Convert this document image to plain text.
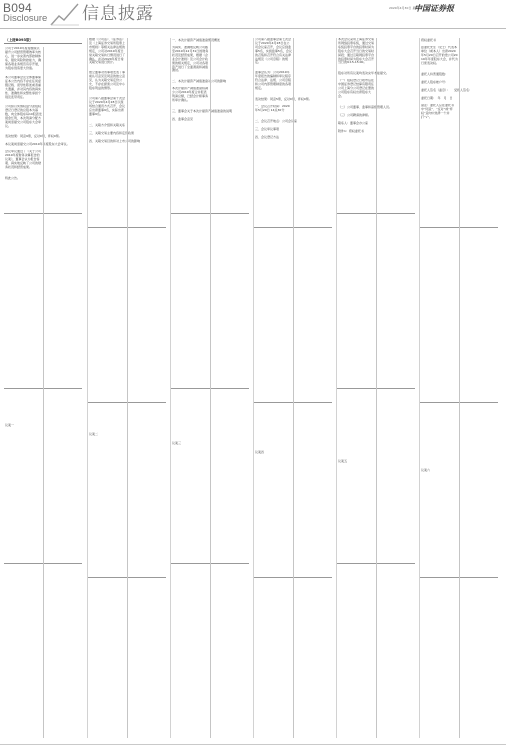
B094
Disclosure 信息披露	2020年4月30日 星期四
中国证券报
（上接B093版）
公司于2019年度将继续以提升公司经营管理效率为核心，进一步完善内部控制体系，强化风险防控能力，确保各项业务规范有序开展，为股东创造更大价值。
本公司董事会及全体董事保证本公告内容不存在任何虚假记载、误导性陈述或者重大遗漏，并对其内容的真实性、准确性和完整性承担个别及连带责任。
公司拟以实施权益分派股权登记日登记的总股本为基数，向全体股东每10股派发现金红利，本次利润分配方案尚需提交公司股东大会审议。
表决结果：同意9票，反对0票，弃权0票。
本议案尚需提交公司2019年年度股东大会审议。
会议审议通过了《关于公司2019年度财务决算报告的议案》，董事会认为报告客观、真实地反映了公司的财务状况和经营成果。
特此公告。
议案一
根据《公司法》、《证券法》及《上海证券交易所股票上市规则》等相关法律法规的规定，公司对2019年度日常关联交易执行情况进行了确认，并对2020年度日常关联交易进行预计。
独立董事对该事项发表了事前认可意见及同意的独立意见，认为关联交易定价公允，不存在损害公司及中小股东利益的情形。
公司第八届董事会第十次会议于2020年4月28日以现场结合通讯方式召开，会议应出席董事9名，实际出席董事9名。
二、关联方介绍和关联关系
三、关联交易主要内容和定价政策
四、关联交易目的和对上市公司的影响
议案二
一、本次计提资产减值准备情况概述
为真实、准确地反映公司截至2019年12月31日的财务状况及经营成果，根据《企业会计准则》及公司会计政策的相关规定，公司对各项资产进行了全面清查和减值测试。
二、本次计提资产减值准备对公司的影响
本次计提资产减值准备将减少公司2019年度合并报表利润总额，已经会计师事务所审计确认。
三、董事会关于本次计提资产减值准备的说明
四、监事会意见
议案三
公司第八届监事会第七次会议于2020年4月28日在公司会议室召开，会议应到监事5名，实到监事5名，会议的召集和召开符合有关法律法规及《公司章程》的规定。
监事会认为：公司2019年年度报告的编制和审议程序符合法律、法规、公司章程和公司内部管理制度的各项规定。
表决结果：同意5票，反对0票，弃权0票。
一、会议召开时间：2020年5月20日 14点30分
二、会议召开地点：公司会议室
三、会议审议事项
四、会议登记方法
议案四
本次会议采用上海证券交易所网络投票系统，通过交易系统投票平台的投票时间为股东大会召开当日的交易时间段；通过互联网投票平台的投票时间为股东大会召开当日的9:15-15:00。
股东对所有议案均表决完毕才能提交。
（一）股权登记日收市后在中国证券登记结算有限责任公司上海分公司登记在册的公司股东有权出席股东大会。
（二）公司董事、监事和高级管理人员。
（三）公司聘请的律师。
联系人：董事会办公室
附件1：授权委托书
议案五
授权委托书
兹委托先生（女士）代表本单位（或本人）出席2020年5月20日召开的贵公司2019年年度股东大会，并代为行使表决权。
委托人持普通股数：
委托人股东帐户号：
委托人签名（盖章）：　　受托人签名：
委托日期：　年　月　日
备注：委托人应在委托书中“同意”、“反对”或“弃权”意向中选择一个并打“√”。
议案六
